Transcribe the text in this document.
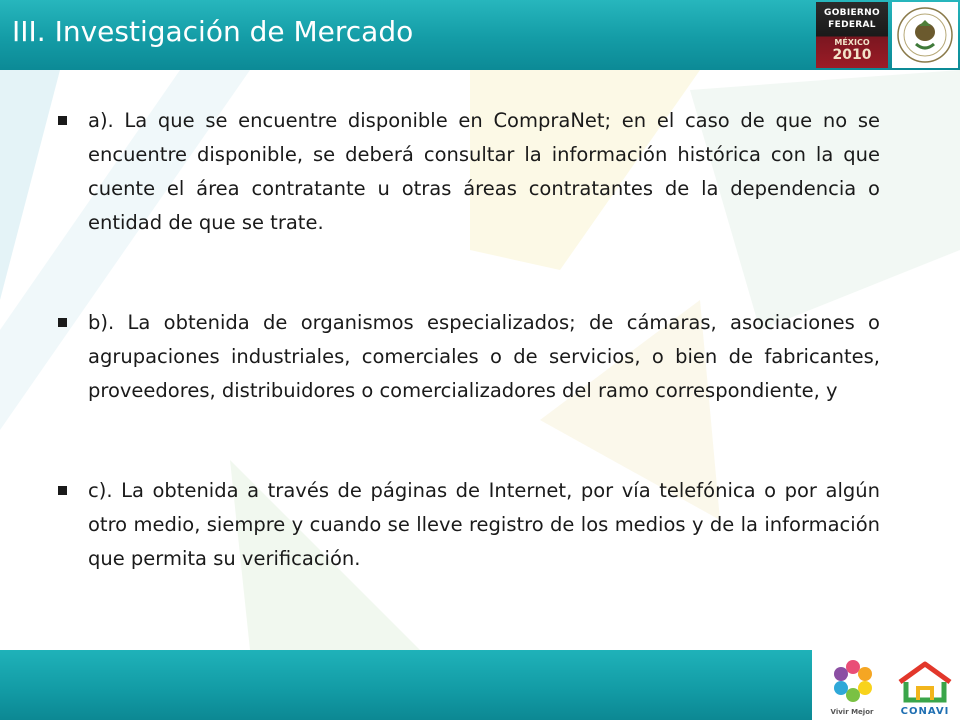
III. Investigación de Mercado
GOBIERNO
FEDERAL
MÉXICO
2010
a). La que se encuentre disponible en CompraNet; en el caso de que no se encuentre disponible, se deberá consultar la información histórica con la que cuente el área contratante u otras áreas contratantes de la dependencia o entidad de que se trate.
b). La obtenida de organismos especializados; de cámaras, asociaciones o agrupaciones industriales, comerciales o de servicios, o bien de fabricantes, proveedores, distribuidores o comercializadores del ramo correspondiente, y
c). La obtenida a través de páginas de Internet, por vía telefónica o por algún otro medio, siempre y cuando se lleve registro de los medios y de la información que permita su verificación.
Vivir Mejor	CONAVI
